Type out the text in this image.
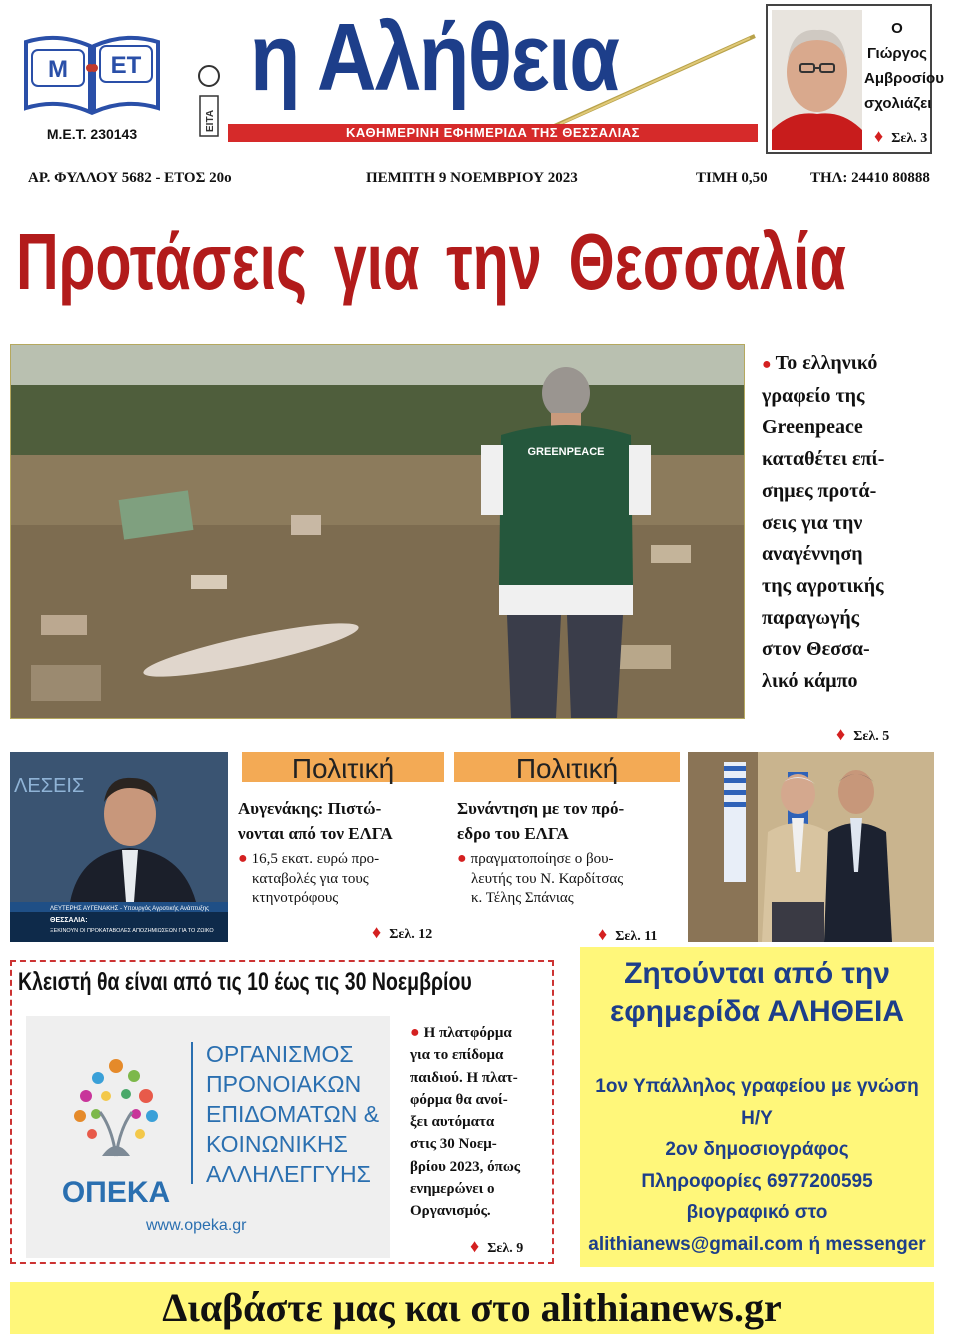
Μ ΕΤ
Μ.Ε.Τ. 230143
ΕΙΤΑ
η Αλήθεια
ΚΑΘΗΜΕΡΙΝΗ ΕΦΗΜΕΡΙΔΑ ΤΗΣ ΘΕΣΣΑΛΙΑΣ
Ο Γιώργος
Αμβροσίου
σχολιάζει
♦ Σελ. 3
ΑΡ. ΦΥΛΛΟΥ 5682 - ΕΤΟΣ 20ο	ΠΕΜΠΤΗ 9 ΝΟΕΜΒΡΙΟΥ 2023	ΤΙΜΗ 0,50	ΤΗΛ: 24410 80888
Προτάσεις για την Θεσσαλία
GREENPEACE
● Το ελληνικό
γραφείο της
Greenpeace
καταθέτει επί-
σημες προτά-
σεις για την
αναγέννηση
της αγροτικής
παραγωγής
στον Θεσσα-
λικό κάμπο
♦ Σελ. 5
ΛΕΣΕΙΣ
ΛΕΥΤΕΡΗΣ ΑΥΓΕΝΑΚΗΣ - Υπουργός Αγροτικής Ανάπτυξης
ΘΕΣΣΑΛΙΑ:
ΞΕΚΙΝΟΥΝ ΟΙ ΠΡΟΚΑΤΑΒΟΛΕΣ ΑΠΟΖΗΜΙΩΣΕΩΝ ΓΙΑ ΤΟ ΖΩΙΚΟ
Πολιτική
Αυγενάκης: Πιστώ-
νονται από τον ΕΛΓΑ
● 16,5 εκατ. ευρώ προ-
καταβολές για τους
κτηνοτρόφους
♦ Σελ. 12
Πολιτική
Συνάντηση με τον πρό-
εδρο του ΕΛΓΑ
● πραγματοποίησε ο βου-
λευτής του Ν. Καρδίτσας
κ. Τέλης Σπάνιας
♦ Σελ. 11
Κλειστή θα είναι από τις 10 έως τις 30 Νοεμβρίου
ΟΠΕΚΑ
ΟΡΓΑΝΙΣΜΟΣ
ΠΡΟΝΟΙΑΚΩΝ
ΕΠΙΔΟΜΑΤΩΝ &
ΚΟΙΝΩΝΙΚΗΣ
ΑΛΛΗΛΕΓΓΥΗΣ
www.opeka.gr
● Η πλατφόρμα
για το επίδομα
παιδιού. Η πλατ-
φόρμα θα ανοί-
ξει αυτόματα
στις 30 Νοεμ-
βρίου 2023, όπως
ενημερώνει ο
Οργανισμός.
♦ Σελ. 9
Ζητούνται από την
εφημερίδα ΑΛΗΘΕΙΑ
1ον Υπάλληλος γραφείου με γνώση
Η/Υ
2ον δημοσιογράφος
Πληροφορίες 6977200595
βιογραφικό στο
alithianews@gmail.com ή messenger
Διαβάστε μας και στο alithianews.gr
